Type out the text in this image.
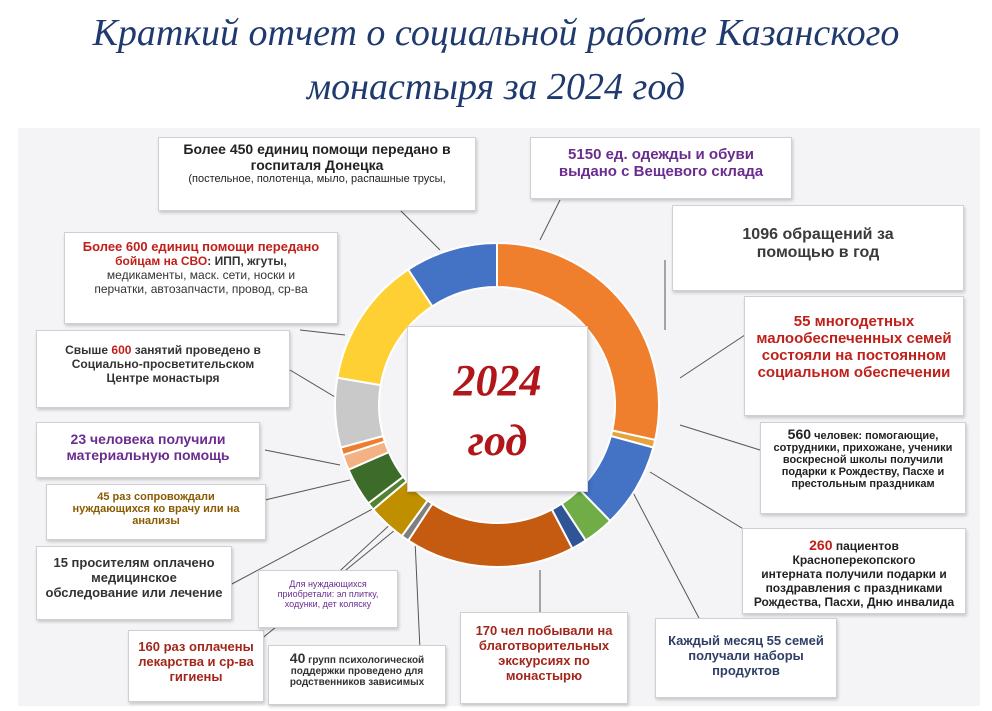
Краткий отчет о социальной работе Казанского
монастыря за 2024 год
2024
год
Более 450 единиц помощи передано в
госпиталя Донецка
(постельное, полотенца, мыло, распашные трусы,
5150 ед. одежды и обуви
выдано с Вещевого склада
1096 обращений за
помощью в год
55 многодетных
малообеспеченных семей
состояли на постоянном
социальном обеспечении
560 человек: помогающие,
сотрудники, прихожане, ученики
воскресной школы получили
подарки к Рождеству, Пасхе и
престольным праздникам
260 пациентов Красноперекопского
интерната получили подарки и
поздравления с праздниками
Рождества, Пасхи, Дню инвалида
Каждый месяц 55 семей
получали наборы
продуктов
170 чел побывали на
благотворительных
экскурсиях по
монастырю
40 групп психологической
поддержки проведено для
родственников зависимых
160 раз оплачены
лекарства и ср-ва
гигиены
Для нуждающихся
приобретали: эл плитку,
ходунки, дет коляску
15 просителям оплачено
медицинское
обследование или лечение
45 раз сопровождали
нуждающихся ко врачу или на
анализы
23 человека получили
материальную помощь
Свыше 600 занятий проведено в
Социально-просветительском
Центре монастыря
Более 600 единиц помощи передано
бойцам на СВО: ИПП, жгуты,
медикаменты, маск. сети, носки и
перчатки, автозапчасти, провод, ср-ва
